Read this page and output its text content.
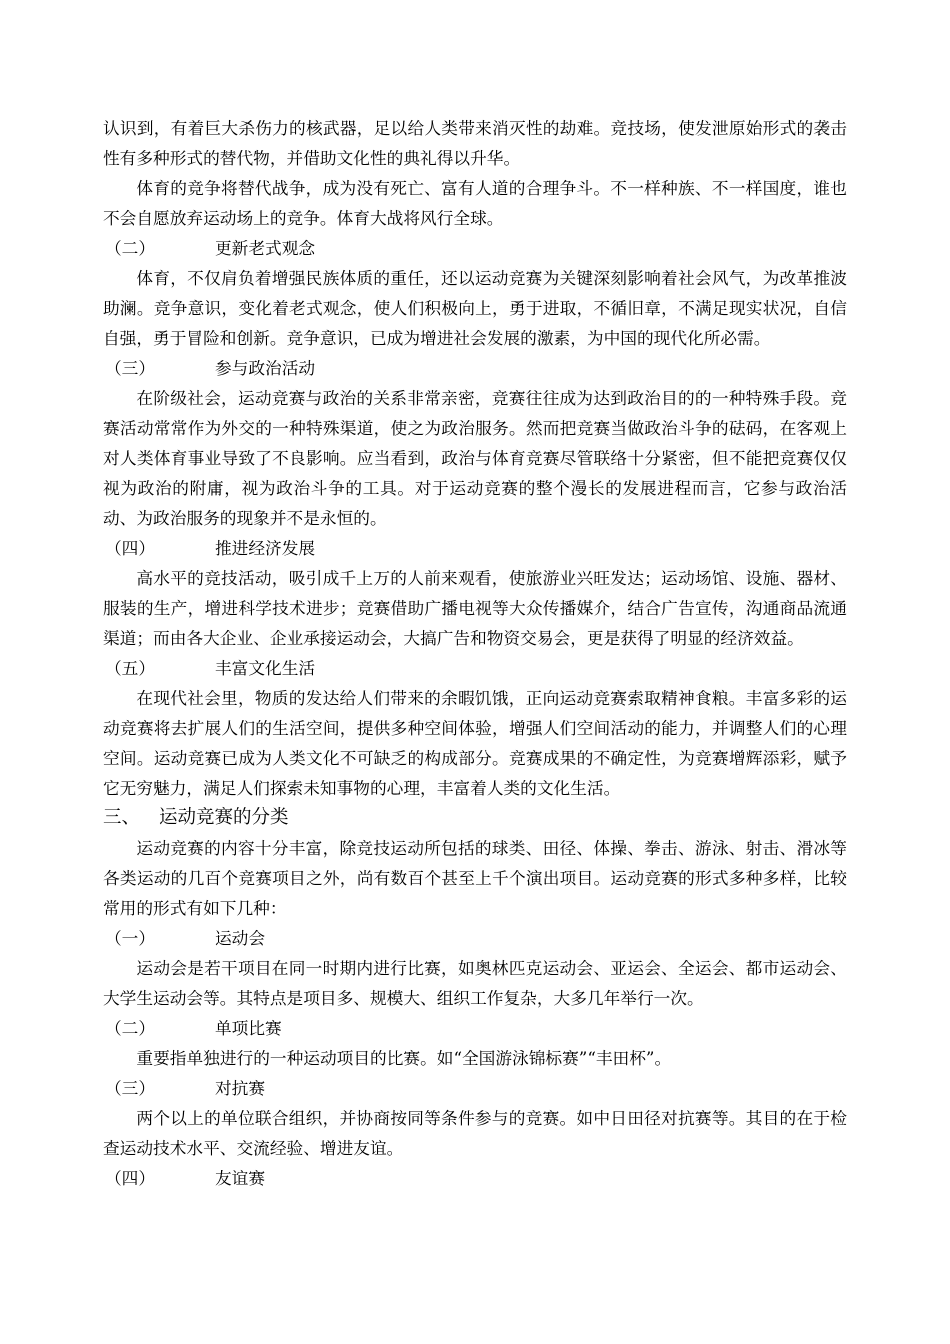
认识到，有着巨大杀伤力的核武器，足以给人类带来消灭性的劫难。竞技场，使发泄原始形式的袭击性有多种形式的替代物，并借助文化性的典礼得以升华。

体育的竞争将替代战争，成为没有死亡、富有人道的合理争斗。不一样种族、不一样国度，谁也不会自愿放弃运动场上的竞争。体育大战将风行全球。

（二）	更新老式观念

体育，不仅肩负着增强民族体质的重任，还以运动竞赛为关键深刻影响着社会风气，为改革推波助澜。竞争意识，变化着老式观念，使人们积极向上，勇于进取，不循旧章，不满足现实状况，自信自强，勇于冒险和创新。竞争意识，已成为增进社会发展的激素，为中国的现代化所必需。

（三）	参与政治活动

在阶级社会，运动竞赛与政治的关系非常亲密，竞赛往往成为达到政治目的的一种特殊手段。竞赛活动常常作为外交的一种特殊渠道，使之为政治服务。然而把竞赛当做政治斗争的砝码，在客观上对人类体育事业导致了不良影响。应当看到，政治与体育竞赛尽管联络十分紧密，但不能把竞赛仅仅视为政治的附庸，视为政治斗争的工具。对于运动竞赛的整个漫长的发展进程而言，它参与政治活动、为政治服务的现象并不是永恒的。

（四）	推进经济发展

高水平的竞技活动，吸引成千上万的人前来观看，使旅游业兴旺发达；运动场馆、设施、器材、服装的生产，增进科学技术进步；竞赛借助广播电视等大众传播媒介，结合广告宣传，沟通商品流通渠道；而由各大企业、企业承接运动会，大搞广告和物资交易会，更是获得了明显的经济效益。

（五）	丰富文化生活

在现代社会里，物质的发达给人们带来的余暇饥饿，正向运动竞赛索取精神食粮。丰富多彩的运动竞赛将去扩展人们的生活空间，提供多种空间体验，增强人们空间活动的能力，并调整人们的心理空间。运动竞赛已成为人类文化不可缺乏的构成部分。竞赛成果的不确定性，为竞赛增辉添彩，赋予它无穷魅力，满足人们探索未知事物的心理，丰富着人类的文化生活。

三、 运动竞赛的分类

运动竞赛的内容十分丰富，除竞技运动所包括的球类、田径、体操、拳击、游泳、射击、滑冰等各类运动的几百个竞赛项目之外，尚有数百个甚至上千个演出项目。运动竞赛的形式多种多样，比较常用的形式有如下几种：

（一）	运动会

运动会是若干项目在同一时期内进行比赛，如奥林匹克运动会、亚运会、全运会、都市运动会、大学生运动会等。其特点是项目多、规模大、组织工作复杂，大多几年举行一次。

（二）	单项比赛

重要指单独进行的一种运动项目的比赛。如“全国游泳锦标赛”“丰田杯”。

（三）	对抗赛

两个以上的单位联合组织，并协商按同等条件参与的竞赛。如中日田径对抗赛等。其目的在于检查运动技术水平、交流经验、增进友谊。

（四）	友谊赛
